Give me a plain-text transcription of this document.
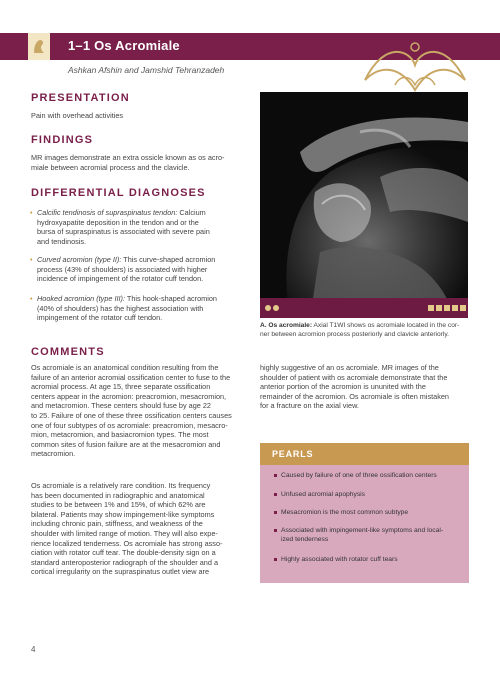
1–1 Os Acromiale
Ashkan Afshin and Jamshid Tehranzadeh
PRESENTATION
Pain with overhead activities
FINDINGS
MR images demonstrate an extra ossicle known as os acro-
miale between acromial process and the clavicle.
DIFFERENTIAL DIAGNOSES
• Calcific tendinosis of supraspinatus tendon: Calcium
hydroxyapatite deposition in the tendon and or the
bursa of supraspinatus is associated with severe pain
and tendinosis.
• Curved acromion (type II): This curve-shaped acromion
process (43% of shoulders) is associated with higher
incidence of impingement of the rotator cuff tendon.
• Hooked acromion (type III): This hook-shaped acromion
(40% of shoulders) has the highest association with
impingement of the rotator cuff tendon.
A. Os acromiale: Axial T1WI shows os acromiale located in the cor-
ner between acromion process posteriorly and clavicle anteriorly.
COMMENTS
Os acromiale is an anatomical condition resulting from the
failure of an anterior acromial ossification center to fuse to the
acromial process. At age 15, three separate ossification
centers appear in the acromion: preacromion, mesacromion,
and metacromion. These centers should fuse by age 22
to 25. Failure of one of these three ossification centers causes
one of four subtypes of os acromiale: preacromion, mesacro-
mion, metacromion, and basiacromion types. The most
common sites of fusion failure are at the mesacromion and
metacromion.
Os acromiale is a relatively rare condition. Its frequency
has been documented in radiographic and anatomical
studies to be between 1% and 15%, of which 62% are
bilateral. Patients may show impingement-like symptoms
including chronic pain, stiffness, and weakness of the
shoulder with limited range of motion. They will also expe-
rience localized tenderness. Os acromiale has strong asso-
ciation with rotator cuff tear. The double-density sign on a
standard anteroposterior radiograph of the shoulder and a
cortical irregularity on the supraspinatus outlet view are
highly suggestive of an os acromiale. MR images of the
shoulder of patient with os acromiale demonstrate that the
anterior portion of the acromion is ununited with the
remainder of the acromion. Os acromiale is often mistaken
for a fracture on the axial view.
PEARLS
Caused by failure of one of three ossification centers
Unfused acromial apophysis
Mesacromion is the most common subtype
Associated with impingement-like symptoms and local-
ized tenderness
Highly associated with rotator cuff tears
4
